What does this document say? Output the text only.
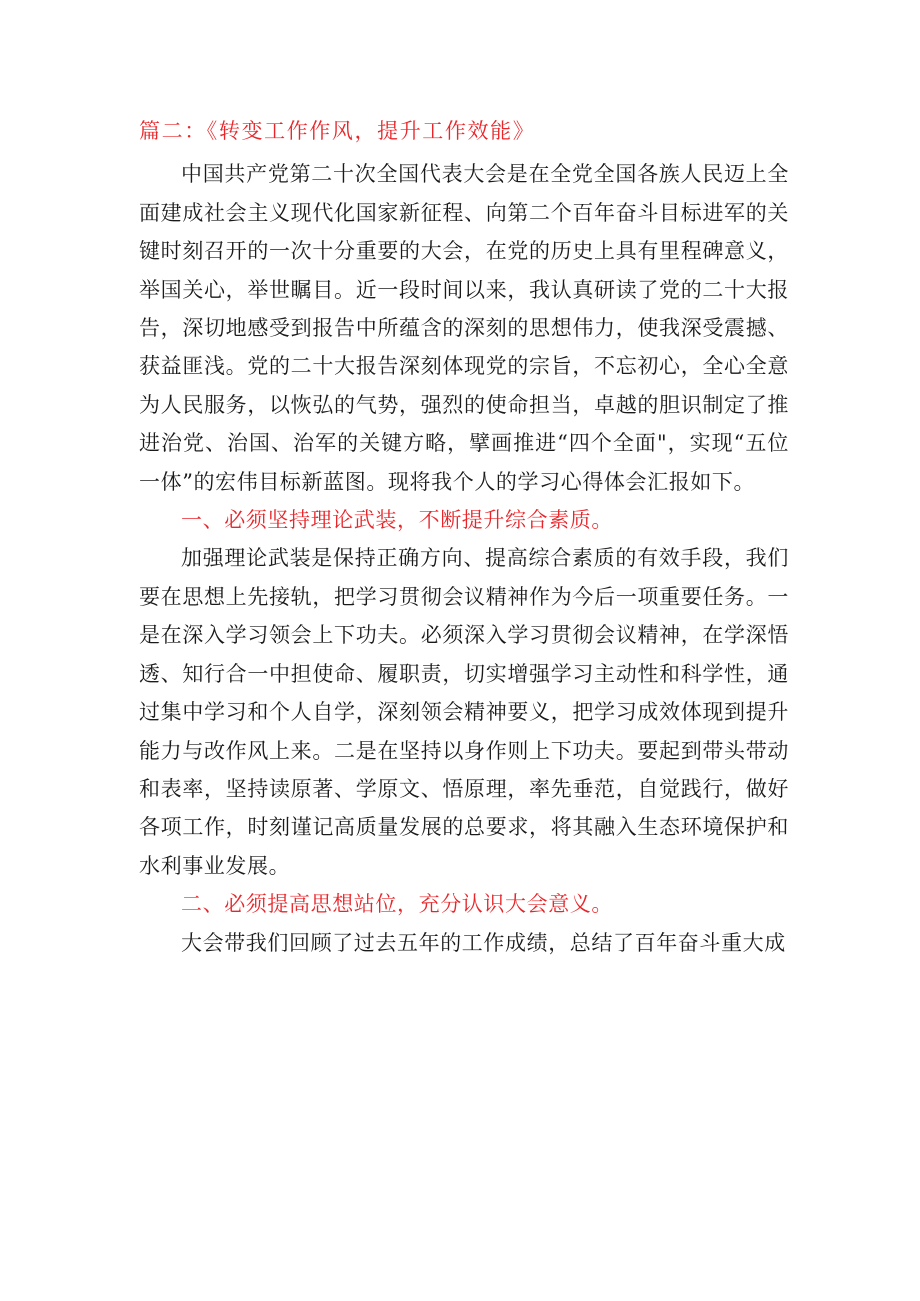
篇二：《转变工作作风，提升工作效能》

中国共产党第二十次全国代表大会是在全党全国各族人民迈上全面建成社会主义现代化国家新征程、向第二个百年奋斗目标进军的关键时刻召开的一次十分重要的大会，在党的历史上具有里程碑意义，举国关心，举世瞩目。近一段时间以来，我认真研读了党的二十大报告，深切地感受到报告中所蕴含的深刻的思想伟力，使我深受震撼、获益匪浅。党的二十大报告深刻体现党的宗旨，不忘初心，全心全意为人民服务，以恢弘的气势，强烈的使命担当，卓越的胆识制定了推进治党、治国、治军的关键方略，擘画推进“四个全面"，实现“五位一体”的宏伟目标新蓝图。现将我个人的学习心得体会汇报如下。

一、必须坚持理论武装，不断提升综合素质。

加强理论武装是保持正确方向、提高综合素质的有效手段，我们要在思想上先接轨，把学习贯彻会议精神作为今后一项重要任务。一是在深入学习领会上下功夫。必须深入学习贯彻会议精神，在学深悟透、知行合一中担使命、履职责，切实增强学习主动性和科学性，通过集中学习和个人自学，深刻领会精神要义，把学习成效体现到提升能力与改作风上来。二是在坚持以身作则上下功夫。要起到带头带动和表率，坚持读原著、学原文、悟原理，率先垂范，自觉践行，做好各项工作，时刻谨记高质量发展的总要求，将其融入生态环境保护和水利事业发展。

二、必须提高思想站位，充分认识大会意义。

大会带我们回顾了过去五年的工作成绩，总结了百年奋斗重大成
